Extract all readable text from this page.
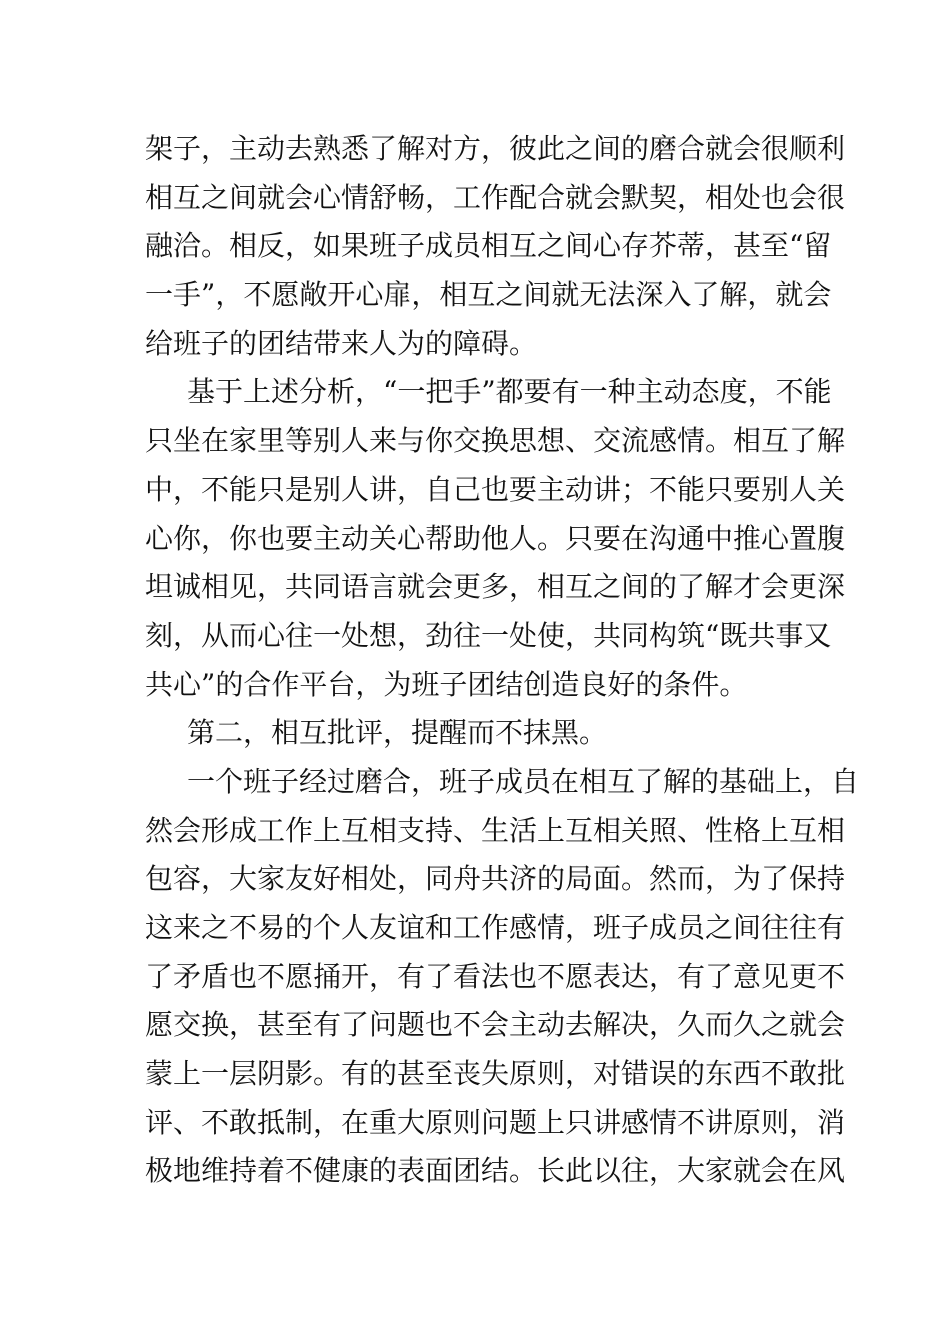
架子，主动去熟悉了解对方，彼此之间的磨合就会很顺利
相互之间就会心情舒畅，工作配合就会默契，相处也会很
融洽。相反，如果班子成员相互之间心存芥蒂，甚至“留
一手”，不愿敞开心扉，相互之间就无法深入了解，就会
给班子的团结带来人为的障碍。
基于上述分析，“一把手”都要有一种主动态度，不能
只坐在家里等别人来与你交换思想、交流感情。相互了解
中，不能只是别人讲，自己也要主动讲；不能只要别人关
心你，你也要主动关心帮助他人。只要在沟通中推心置腹
坦诚相见，共同语言就会更多，相互之间的了解才会更深
刻，从而心往一处想，劲往一处使，共同构筑“既共事又
共心”的合作平台，为班子团结创造良好的条件。
第二，相互批评，提醒而不抹黑。
一个班子经过磨合，班子成员在相互了解的基础上，自
然会形成工作上互相支持、生活上互相关照、性格上互相
包容，大家友好相处，同舟共济的局面。然而，为了保持
这来之不易的个人友谊和工作感情，班子成员之间往往有
了矛盾也不愿捅开，有了看法也不愿表达，有了意见更不
愿交换，甚至有了问题也不会主动去解决，久而久之就会
蒙上一层阴影。有的甚至丧失原则，对错误的东西不敢批
评、不敢抵制，在重大原则问题上只讲感情不讲原则，消
极地维持着不健康的表面团结。长此以往，大家就会在风
